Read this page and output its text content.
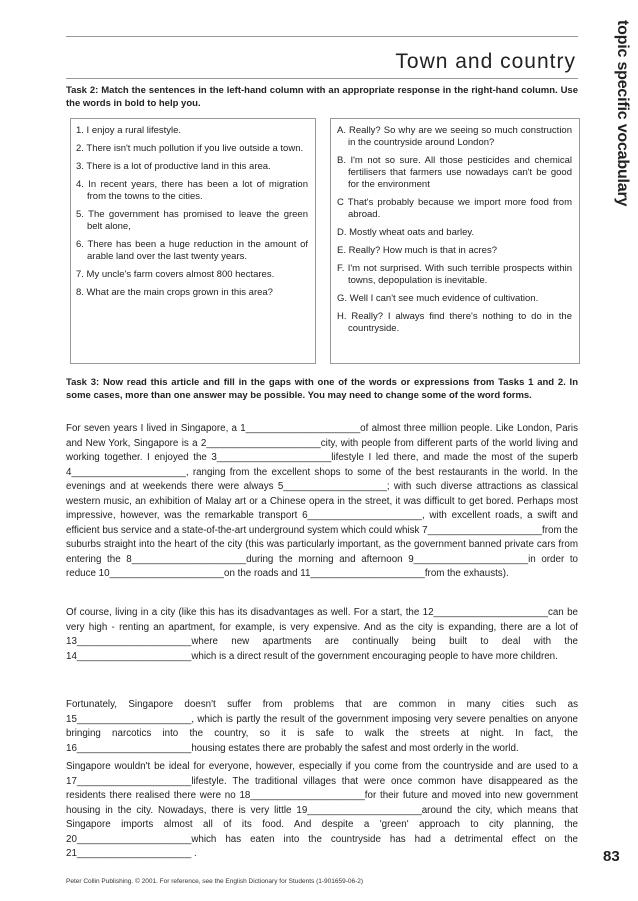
topic specific vocabulary
Town and country
Task 2: Match the sentences in the left-hand column with an appropriate response in the right-hand column. Use the words in bold to help you.
1. I enjoy a rural lifestyle.
2. There isn't much pollution if you live outside a town.
3. There is a lot of productive land in this area.
4. In recent years, there has been a lot of migration from the towns to the cities.
5. The government has promised to leave the green belt alone,
6. There has been a huge reduction in the amount of arable land over the last twenty years.
7. My uncle's farm covers almost 800 hectares.
8. What are the main crops grown in this area?
A. Really? So why are we seeing so much construction in the countryside around London?
B. I'm not so sure. All those pesticides and chemical fertilisers that farmers use nowadays can't be good for the environment
C That's probably because we import more food from abroad.
D. Mostly wheat oats and barley.
E. Really? How much is that in acres?
F. I'm not surprised. With such terrible prospects within towns, depopulation is inevitable.
G. Well I can't see much evidence of cultivation.
H. Really? I always find there's nothing to do in the countryside.
Task 3: Now read this article and fill in the gaps with one of the words or expressions from Tasks 1 and 2. In some cases, more than one answer may be possible. You may need to change some of the word forms.
For seven years I lived in Singapore, a 1_____________________of almost three million people. Like London, Paris and New York, Singapore is a 2_____________________city, with people from different parts of the world living and working together. I enjoyed the 3_____________________lifestyle I led there, and made the most of the superb 4_____________________, ranging from the excellent shops to some of the best restaurants in the world. In the evenings and at weekends there were always 5___________________; with such diverse attractions as classical western music, an exhibition of Malay art or a Chinese opera in the street, it was difficult to get bored. Perhaps most impressive, however, was the remarkable transport 6_____________________, with excellent roads, a swift and efficient bus service and a state-of-the-art underground system which could whisk 7_____________________from the suburbs straight into the heart of the city (this was particularly important, as the government banned private cars from entering the 8_____________________during the morning and afternoon 9_____________________in order to reduce 10_____________________on the roads and 11_____________________from the exhausts).
Of course, living in a city (like this has its disadvantages as well. For a start, the 12_____________________can be very high - renting an apartment, for example, is very expensive. And as the city is expanding, there are a lot of 13_____________________where new apartments are continually being built to deal with the 14_____________________which is a direct result of the government encouraging people to have more children.
Fortunately, Singapore doesn't suffer from problems that are common in many cities such as 15_____________________, which is partly the result of the government imposing very severe penalties on anyone bringing narcotics into the country, so it is safe to walk the streets at night. In fact, the 16_____________________housing estates there are probably the safest and most orderly in the world.
Singapore wouldn't be ideal for everyone, however, especially if you come from the countryside and are used to a 17_____________________lifestyle. The traditional villages that were once common have disappeared as the residents there realised there were no 18_____________________for their future and moved into new government housing in the city. Nowadays, there is very little 19_____________________around the city, which means that Singapore imports almost all of its food. And despite a 'green' approach to city planning, the 20_____________________which has eaten into the countryside has had a detrimental effect on the 21_____________________ .	83
Peter Collin Publishing. © 2001. For reference, see the English Dictionary for Students (1-901659-06-2)
